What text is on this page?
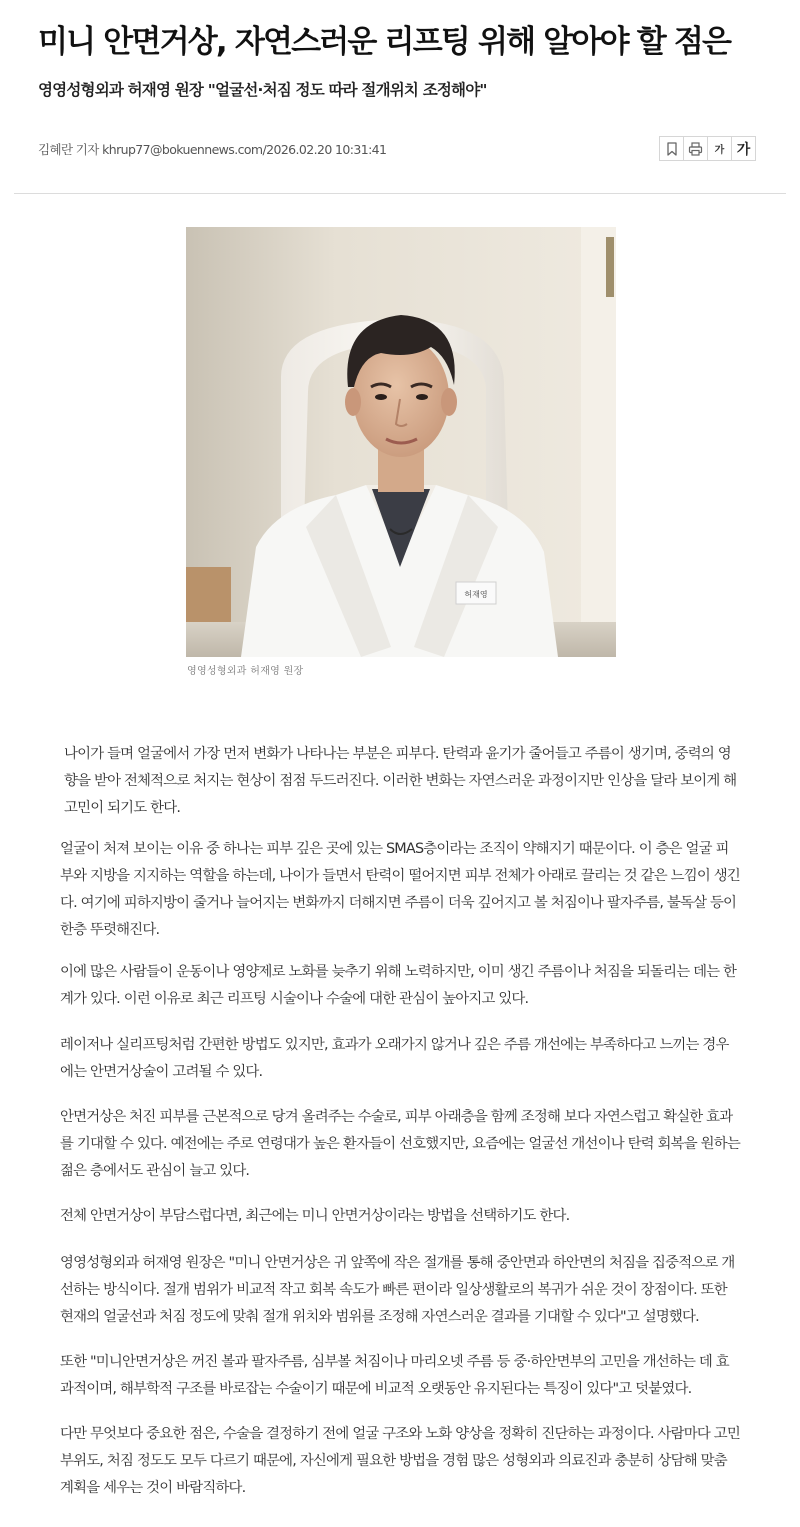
미니 안면거상, 자연스러운 리프팅 위해 알아야 할 점은
영영성형외과 허재영 원장 "얼굴선·처짐 정도 따라 절개위치 조정해야"
김혜란 기자 khrup77@bokuennews.com/2026.02.20 10:31:41	가 가
허재영
영영성형외과 허재영 원장

나이가 들며 얼굴에서 가장 먼저 변화가 나타나는 부분은 피부다. 탄력과 윤기가 줄어들고 주름이 생기며, 중력의 영향을 받아 전체적으로 처지는 현상이 점점 두드러진다. 이러한 변화는 자연스러운 과정이지만 인상을 달라 보이게 해 고민이 되기도 한다.

얼굴이 처져 보이는 이유 중 하나는 피부 깊은 곳에 있는 SMAS층이라는 조직이 약해지기 때문이다. 이 층은 얼굴 피부와 지방을 지지하는 역할을 하는데, 나이가 들면서 탄력이 떨어지면 피부 전체가 아래로 끌리는 것 같은 느낌이 생긴다. 여기에 피하지방이 줄거나 늘어지는 변화까지 더해지면 주름이 더욱 깊어지고 볼 처짐이나 팔자주름, 불독살 등이 한층 뚜렷해진다.

이에 많은 사람들이 운동이나 영양제로 노화를 늦추기 위해 노력하지만, 이미 생긴 주름이나 처짐을 되돌리는 데는 한계가 있다. 이런 이유로 최근 리프팅 시술이나 수술에 대한 관심이 높아지고 있다.

레이저나 실리프팅처럼 간편한 방법도 있지만, 효과가 오래가지 않거나 깊은 주름 개선에는 부족하다고 느끼는 경우에는 안면거상술이 고려될 수 있다.

안면거상은 처진 피부를 근본적으로 당겨 올려주는 수술로, 피부 아래층을 함께 조정해 보다 자연스럽고 확실한 효과를 기대할 수 있다. 예전에는 주로 연령대가 높은 환자들이 선호했지만, 요즘에는 얼굴선 개선이나 탄력 회복을 원하는 젊은 층에서도 관심이 늘고 있다.

전체 안면거상이 부담스럽다면, 최근에는 미니 안면거상이라는 방법을 선택하기도 한다.

영영성형외과 허재영 원장은 "미니 안면거상은 귀 앞쪽에 작은 절개를 통해 중안면과 하안면의 처짐을 집중적으로 개선하는 방식이다. 절개 범위가 비교적 작고 회복 속도가 빠른 편이라 일상생활로의 복귀가 쉬운 것이 장점이다. 또한 현재의 얼굴선과 처짐 정도에 맞춰 절개 위치와 범위를 조정해 자연스러운 결과를 기대할 수 있다"고 설명했다.

또한 "미니안면거상은 꺼진 볼과 팔자주름, 심부볼 처짐이나 마리오넷 주름 등 중·하안면부의 고민을 개선하는 데 효과적이며, 해부학적 구조를 바로잡는 수술이기 때문에 비교적 오랫동안 유지된다는 특징이 있다"고 덧붙였다.

다만 무엇보다 중요한 점은, 수술을 결정하기 전에 얼굴 구조와 노화 양상을 정확히 진단하는 과정이다. 사람마다 고민 부위도, 처짐 정도도 모두 다르기 때문에, 자신에게 필요한 방법을 경험 많은 성형외과 의료진과 충분히 상담해 맞춤 계획을 세우는 것이 바람직하다.
